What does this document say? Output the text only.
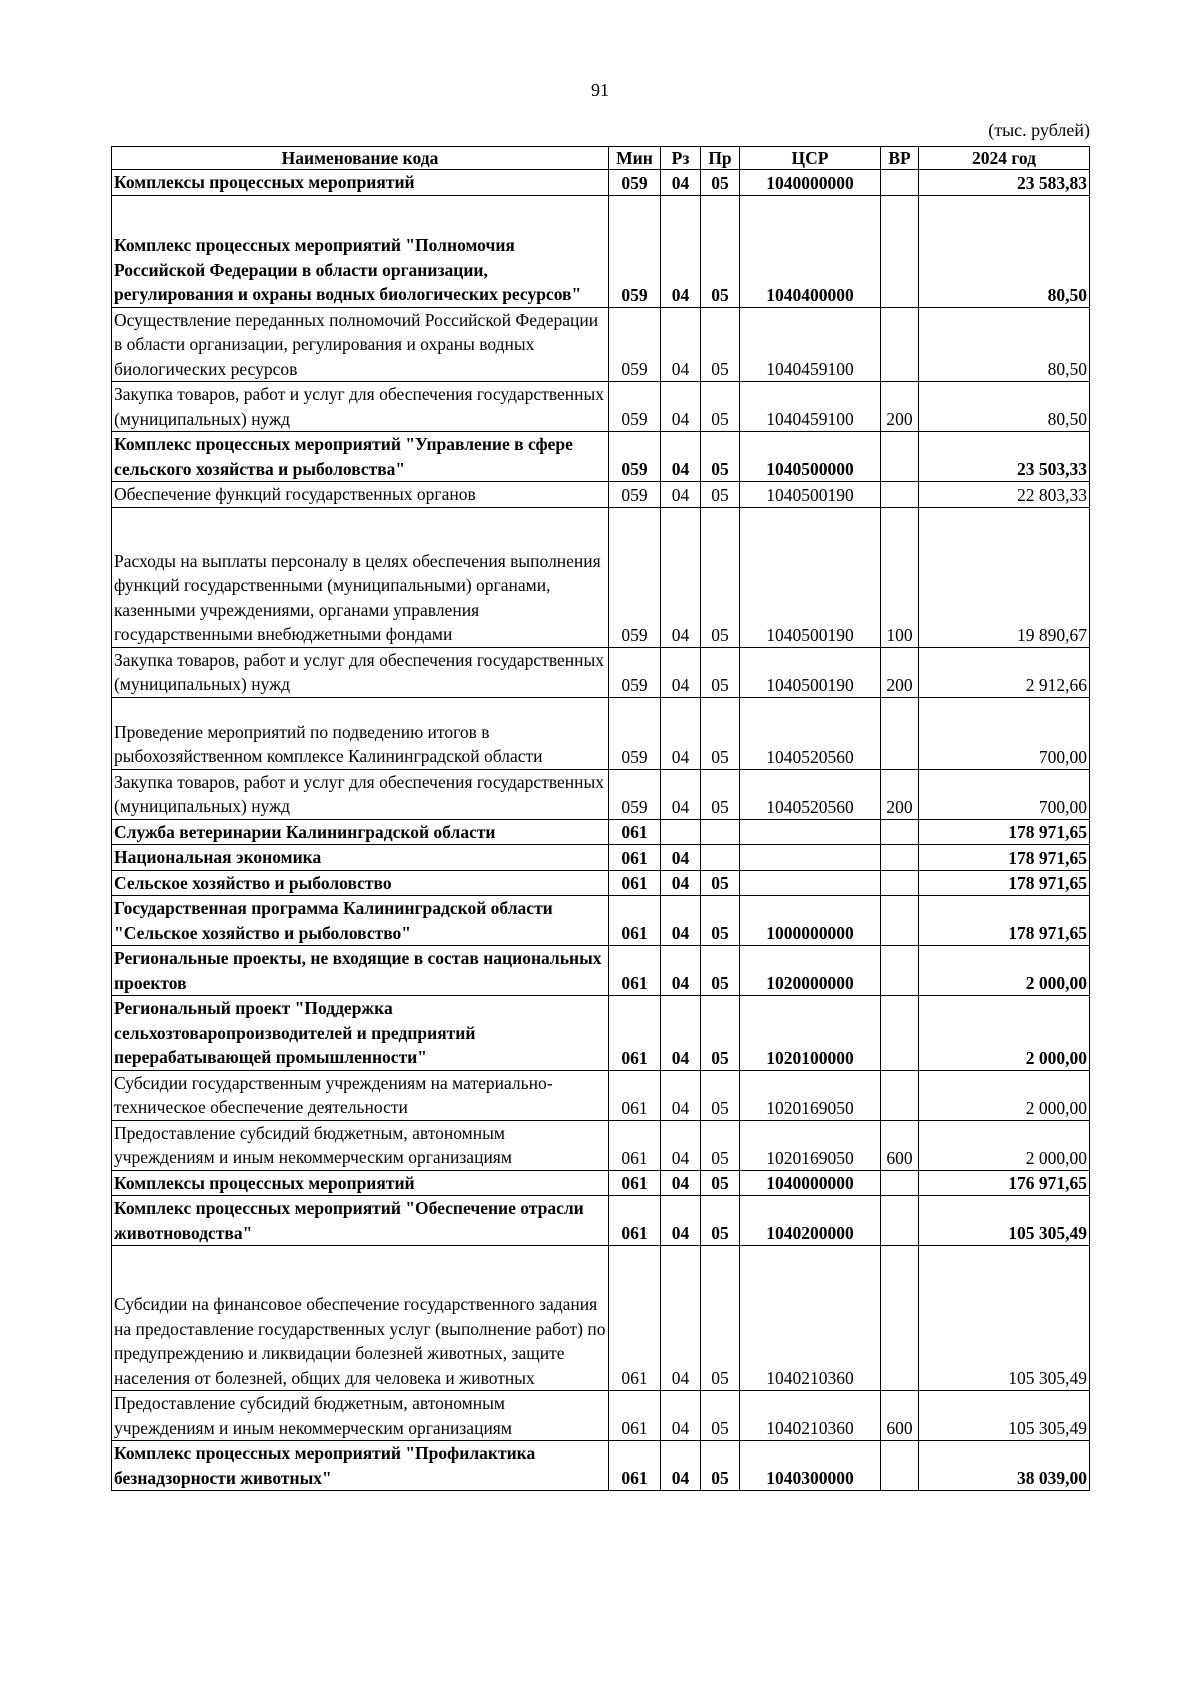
91
(тыс. рублей)
Наименование кода	Мин	Рз	Пр	ЦСР	ВР	2024 год
Комплексы процессных мероприятий	059	04	05	1040000000		23 583,83
Комплекс процессных мероприятий "Полномочия Российской Федерации в области организации, регулирования и охраны водных биологических ресурсов"	059	04	05	1040400000		80,50
Осуществление переданных полномочий Российской Федерации в области организации, регулирования и охраны водных биологических ресурсов	059	04	05	1040459100		80,50
Закупка товаров, работ и услуг для обеспечения государственных (муниципальных) нужд	059	04	05	1040459100	200	80,50
Комплекс процессных мероприятий "Управление в сфере сельского хозяйства и рыболовства"	059	04	05	1040500000		23 503,33
Обеспечение функций государственных органов	059	04	05	1040500190		22 803,33
Расходы на выплаты персоналу в целях обеспечения выполнения функций государственными (муниципальными) органами, казенными учреждениями, органами управления государственными внебюджетными фондами	059	04	05	1040500190	100	19 890,67
Закупка товаров, работ и услуг для обеспечения государственных (муниципальных) нужд	059	04	05	1040500190	200	2 912,66
Проведение мероприятий по подведению итогов в рыбохозяйственном комплексе Калининградской области	059	04	05	1040520560		700,00
Закупка товаров, работ и услуг для обеспечения государственных (муниципальных) нужд	059	04	05	1040520560	200	700,00
Служба ветеринарии Калининградской области	061					178 971,65
Национальная экономика	061	04				178 971,65
Сельское хозяйство и рыболовство	061	04	05			178 971,65
Государственная программа Калининградской области "Сельское хозяйство и рыболовство"	061	04	05	1000000000		178 971,65
Региональные проекты, не входящие в состав национальных проектов	061	04	05	1020000000		2 000,00
Региональный проект "Поддержка сельхозтоваропроизводителей и предприятий перерабатывающей промышленности"	061	04	05	1020100000		2 000,00
Субсидии государственным учреждениям на материально-техническое обеспечение деятельности	061	04	05	1020169050		2 000,00
Предоставление субсидий бюджетным, автономным учреждениям и иным некоммерческим организациям	061	04	05	1020169050	600	2 000,00
Комплексы процессных мероприятий	061	04	05	1040000000		176 971,65
Комплекс процессных мероприятий "Обеспечение отрасли животноводства"	061	04	05	1040200000		105 305,49
Субсидии на финансовое обеспечение государственного задания на предоставление государственных услуг (выполнение работ) по предупреждению и ликвидации болезней животных, защите населения от болезней, общих для человека и животных	061	04	05	1040210360		105 305,49
Предоставление субсидий бюджетным, автономным учреждениям и иным некоммерческим организациям	061	04	05	1040210360	600	105 305,49
Комплекс процессных мероприятий "Профилактика безнадзорности животных"	061	04	05	1040300000		38 039,00
